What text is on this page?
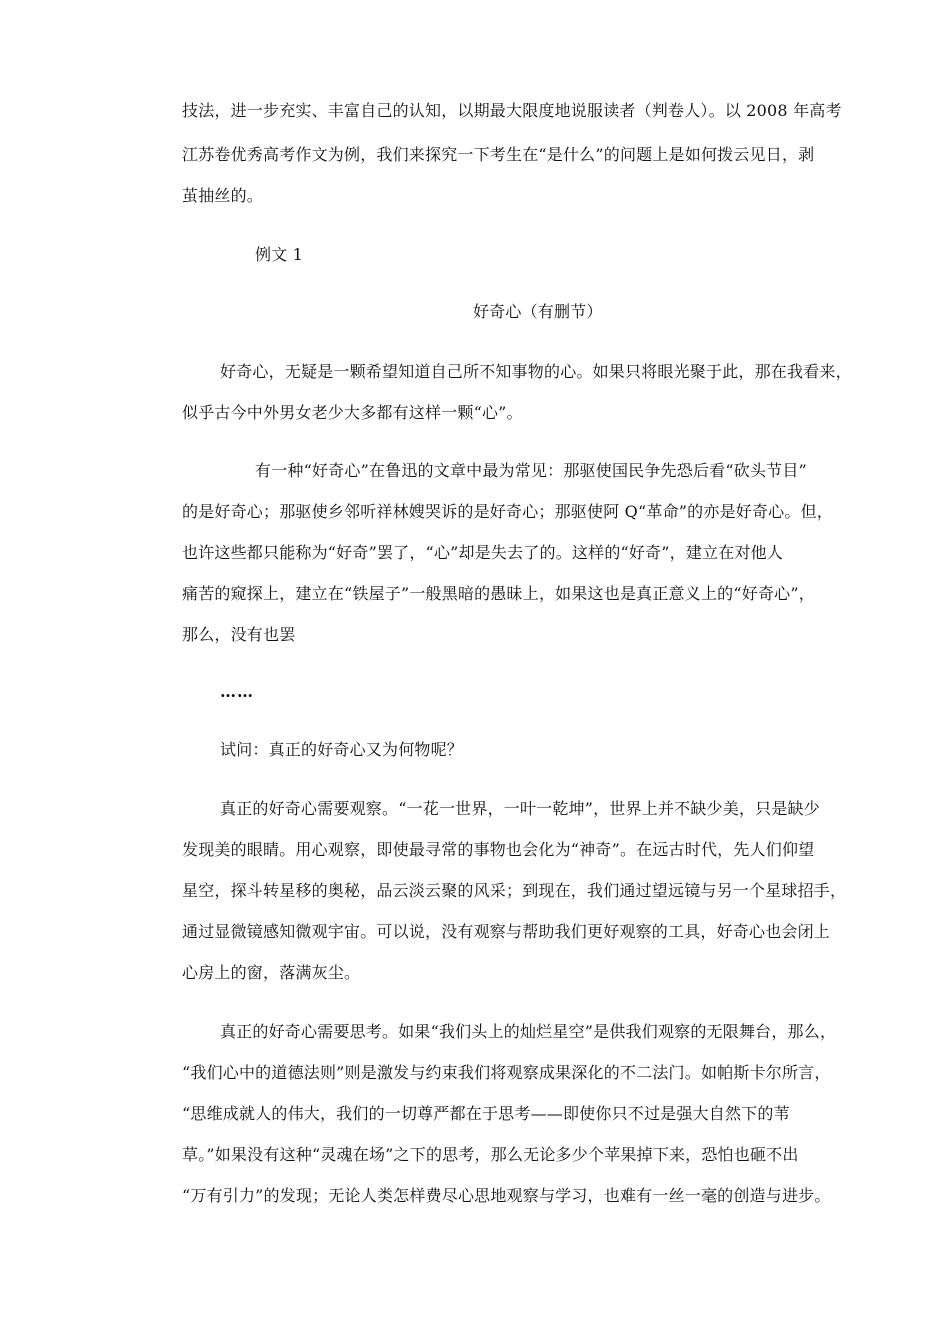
技法，进一步充实、丰富自己的认知，以期最大限度地说服读者（判卷人）。以 2008 年高考
江苏卷优秀高考作文为例，我们来探究一下考生在“是什么”的问题上是如何拨云见日，剥
茧抽丝的。
例文 1
好奇心（有删节）
好奇心，无疑是一颗希望知道自己所不知事物的心。如果只将眼光聚于此，那在我看来，
似乎古今中外男女老少大多都有这样一颗“心”。
有一种“好奇心”在鲁迅的文章中最为常见：那驱使国民争先恐后看“砍头节目”
的是好奇心；那驱使乡邻听祥林嫂哭诉的是好奇心；那驱使阿 Q“革命”的亦是好奇心。但，
也许这些都只能称为“好奇”罢了，“心”却是失去了的。这样的“好奇”，建立在对他人
痛苦的窥探上，建立在“铁屋子”一般黑暗的愚昧上，如果这也是真正意义上的“好奇心”，
那么，没有也罢
……
试问：真正的好奇心又为何物呢？
真正的好奇心需要观察。“一花一世界，一叶一乾坤”，世界上并不缺少美，只是缺少
发现美的眼睛。用心观察，即使最寻常的事物也会化为“神奇”。在远古时代，先人们仰望
星空，探斗转星移的奥秘，品云淡云聚的风采；到现在，我们通过望远镜与另一个星球招手，
通过显微镜感知微观宇宙。可以说，没有观察与帮助我们更好观察的工具，好奇心也会闭上
心房上的窗，落满灰尘。
真正的好奇心需要思考。如果“我们头上的灿烂星空”是供我们观察的无限舞台，那么，
“我们心中的道德法则”则是激发与约束我们将观察成果深化的不二法门。如帕斯卡尔所言，
“思维成就人的伟大，我们的一切尊严都在于思考——即使你只不过是强大自然下的苇
草。”如果没有这种“灵魂在场”之下的思考，那么无论多少个苹果掉下来，恐怕也砸不出
“万有引力”的发现；无论人类怎样费尽心思地观察与学习，也难有一丝一毫的创造与进步。
